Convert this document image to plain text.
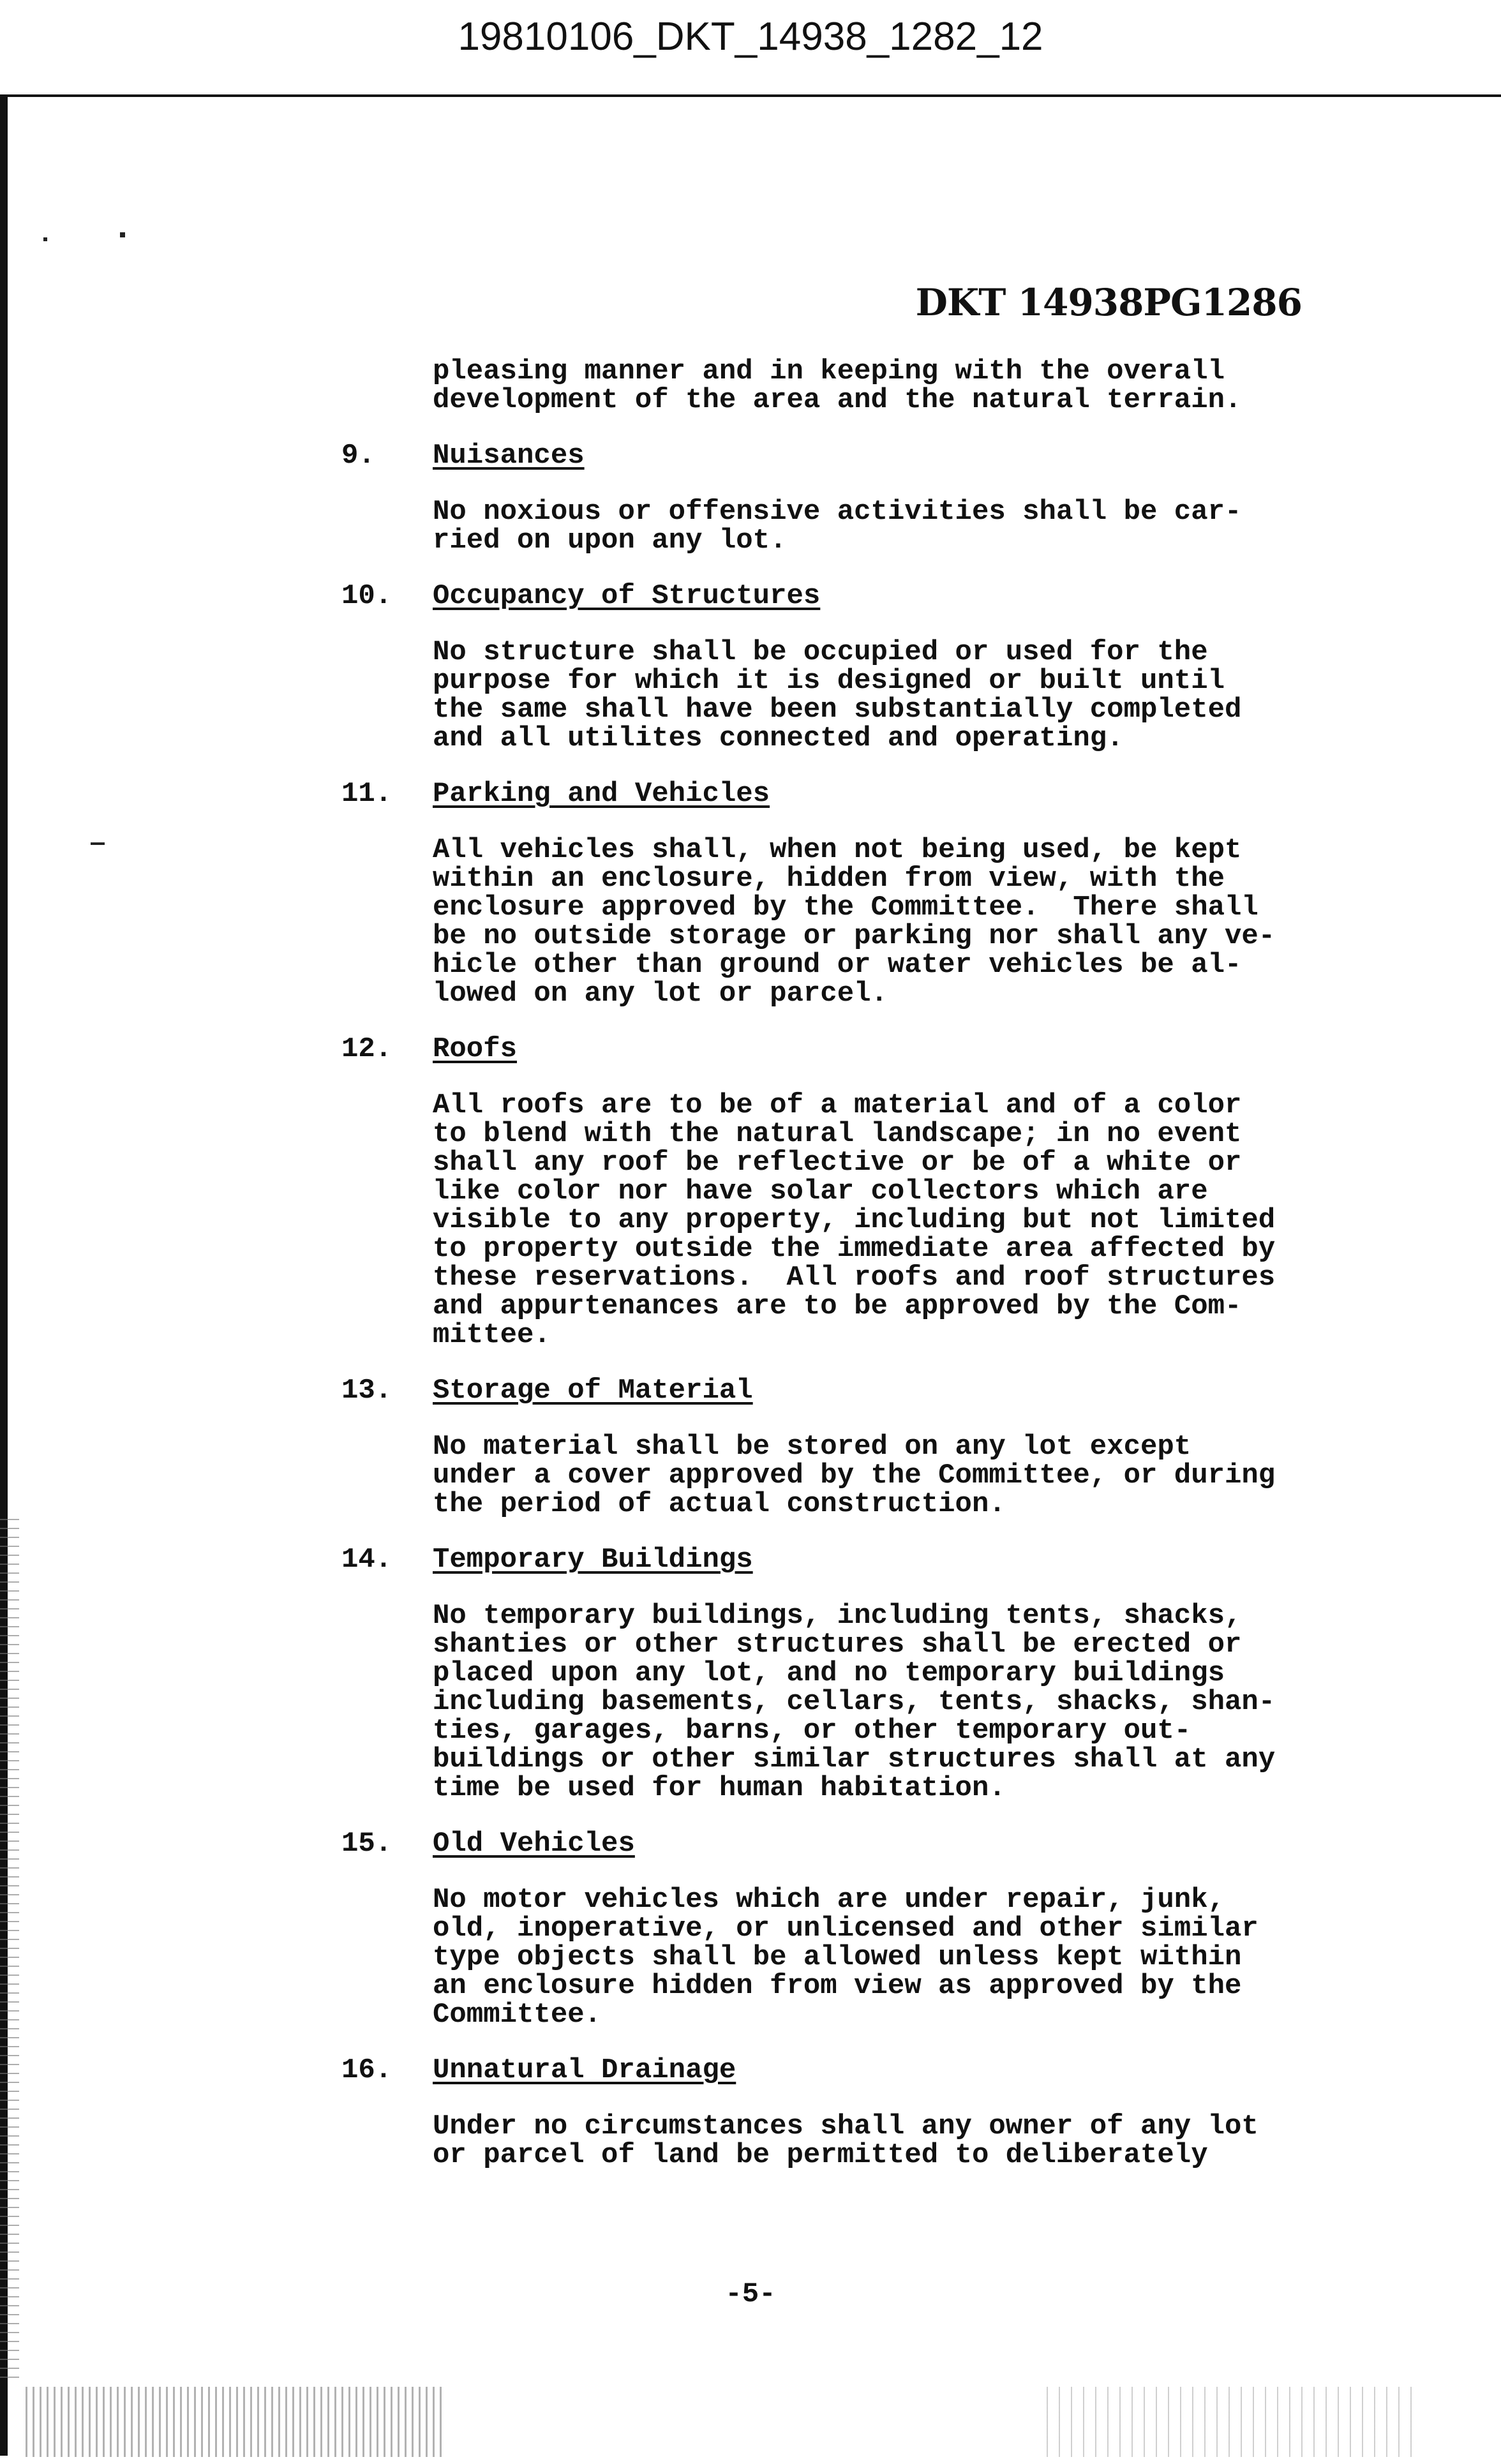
19810106_DKT_14938_1282_12
DKT 14938PG1286
pleasing manner and in keeping with the overall
development of the area and the natural terrain.
9.	Nuisances
No noxious or offensive activities shall be car-
ried on upon any lot.
10.	Occupancy of Structures
No structure shall be occupied or used for the
purpose for which it is designed or built until
the same shall have been substantially completed
and all utilites connected and operating.
11.	Parking and Vehicles
All vehicles shall, when not being used, be kept
within an enclosure, hidden from view, with the
enclosure approved by the Committee.  There shall
be no outside storage or parking nor shall any ve-
hicle other than ground or water vehicles be al-
lowed on any lot or parcel.
12.	Roofs
All roofs are to be of a material and of a color
to blend with the natural landscape; in no event
shall any roof be reflective or be of a white or
like color nor have solar collectors which are
visible to any property, including but not limited
to property outside the immediate area affected by
these reservations.  All roofs and roof structures
and appurtenances are to be approved by the Com-
mittee.
13.	Storage of Material
No material shall be stored on any lot except
under a cover approved by the Committee, or during
the period of actual construction.
14.	Temporary Buildings
No temporary buildings, including tents, shacks,
shanties or other structures shall be erected or
placed upon any lot, and no temporary buildings
including basements, cellars, tents, shacks, shan-
ties, garages, barns, or other temporary out-
buildings or other similar structures shall at any
time be used for human habitation.
15.	Old Vehicles
No motor vehicles which are under repair, junk,
old, inoperative, or unlicensed and other similar
type objects shall be allowed unless kept within
an enclosure hidden from view as approved by the
Committee.
16.	Unnatural Drainage
Under no circumstances shall any owner of any lot
or parcel of land be permitted to deliberately
-5-
